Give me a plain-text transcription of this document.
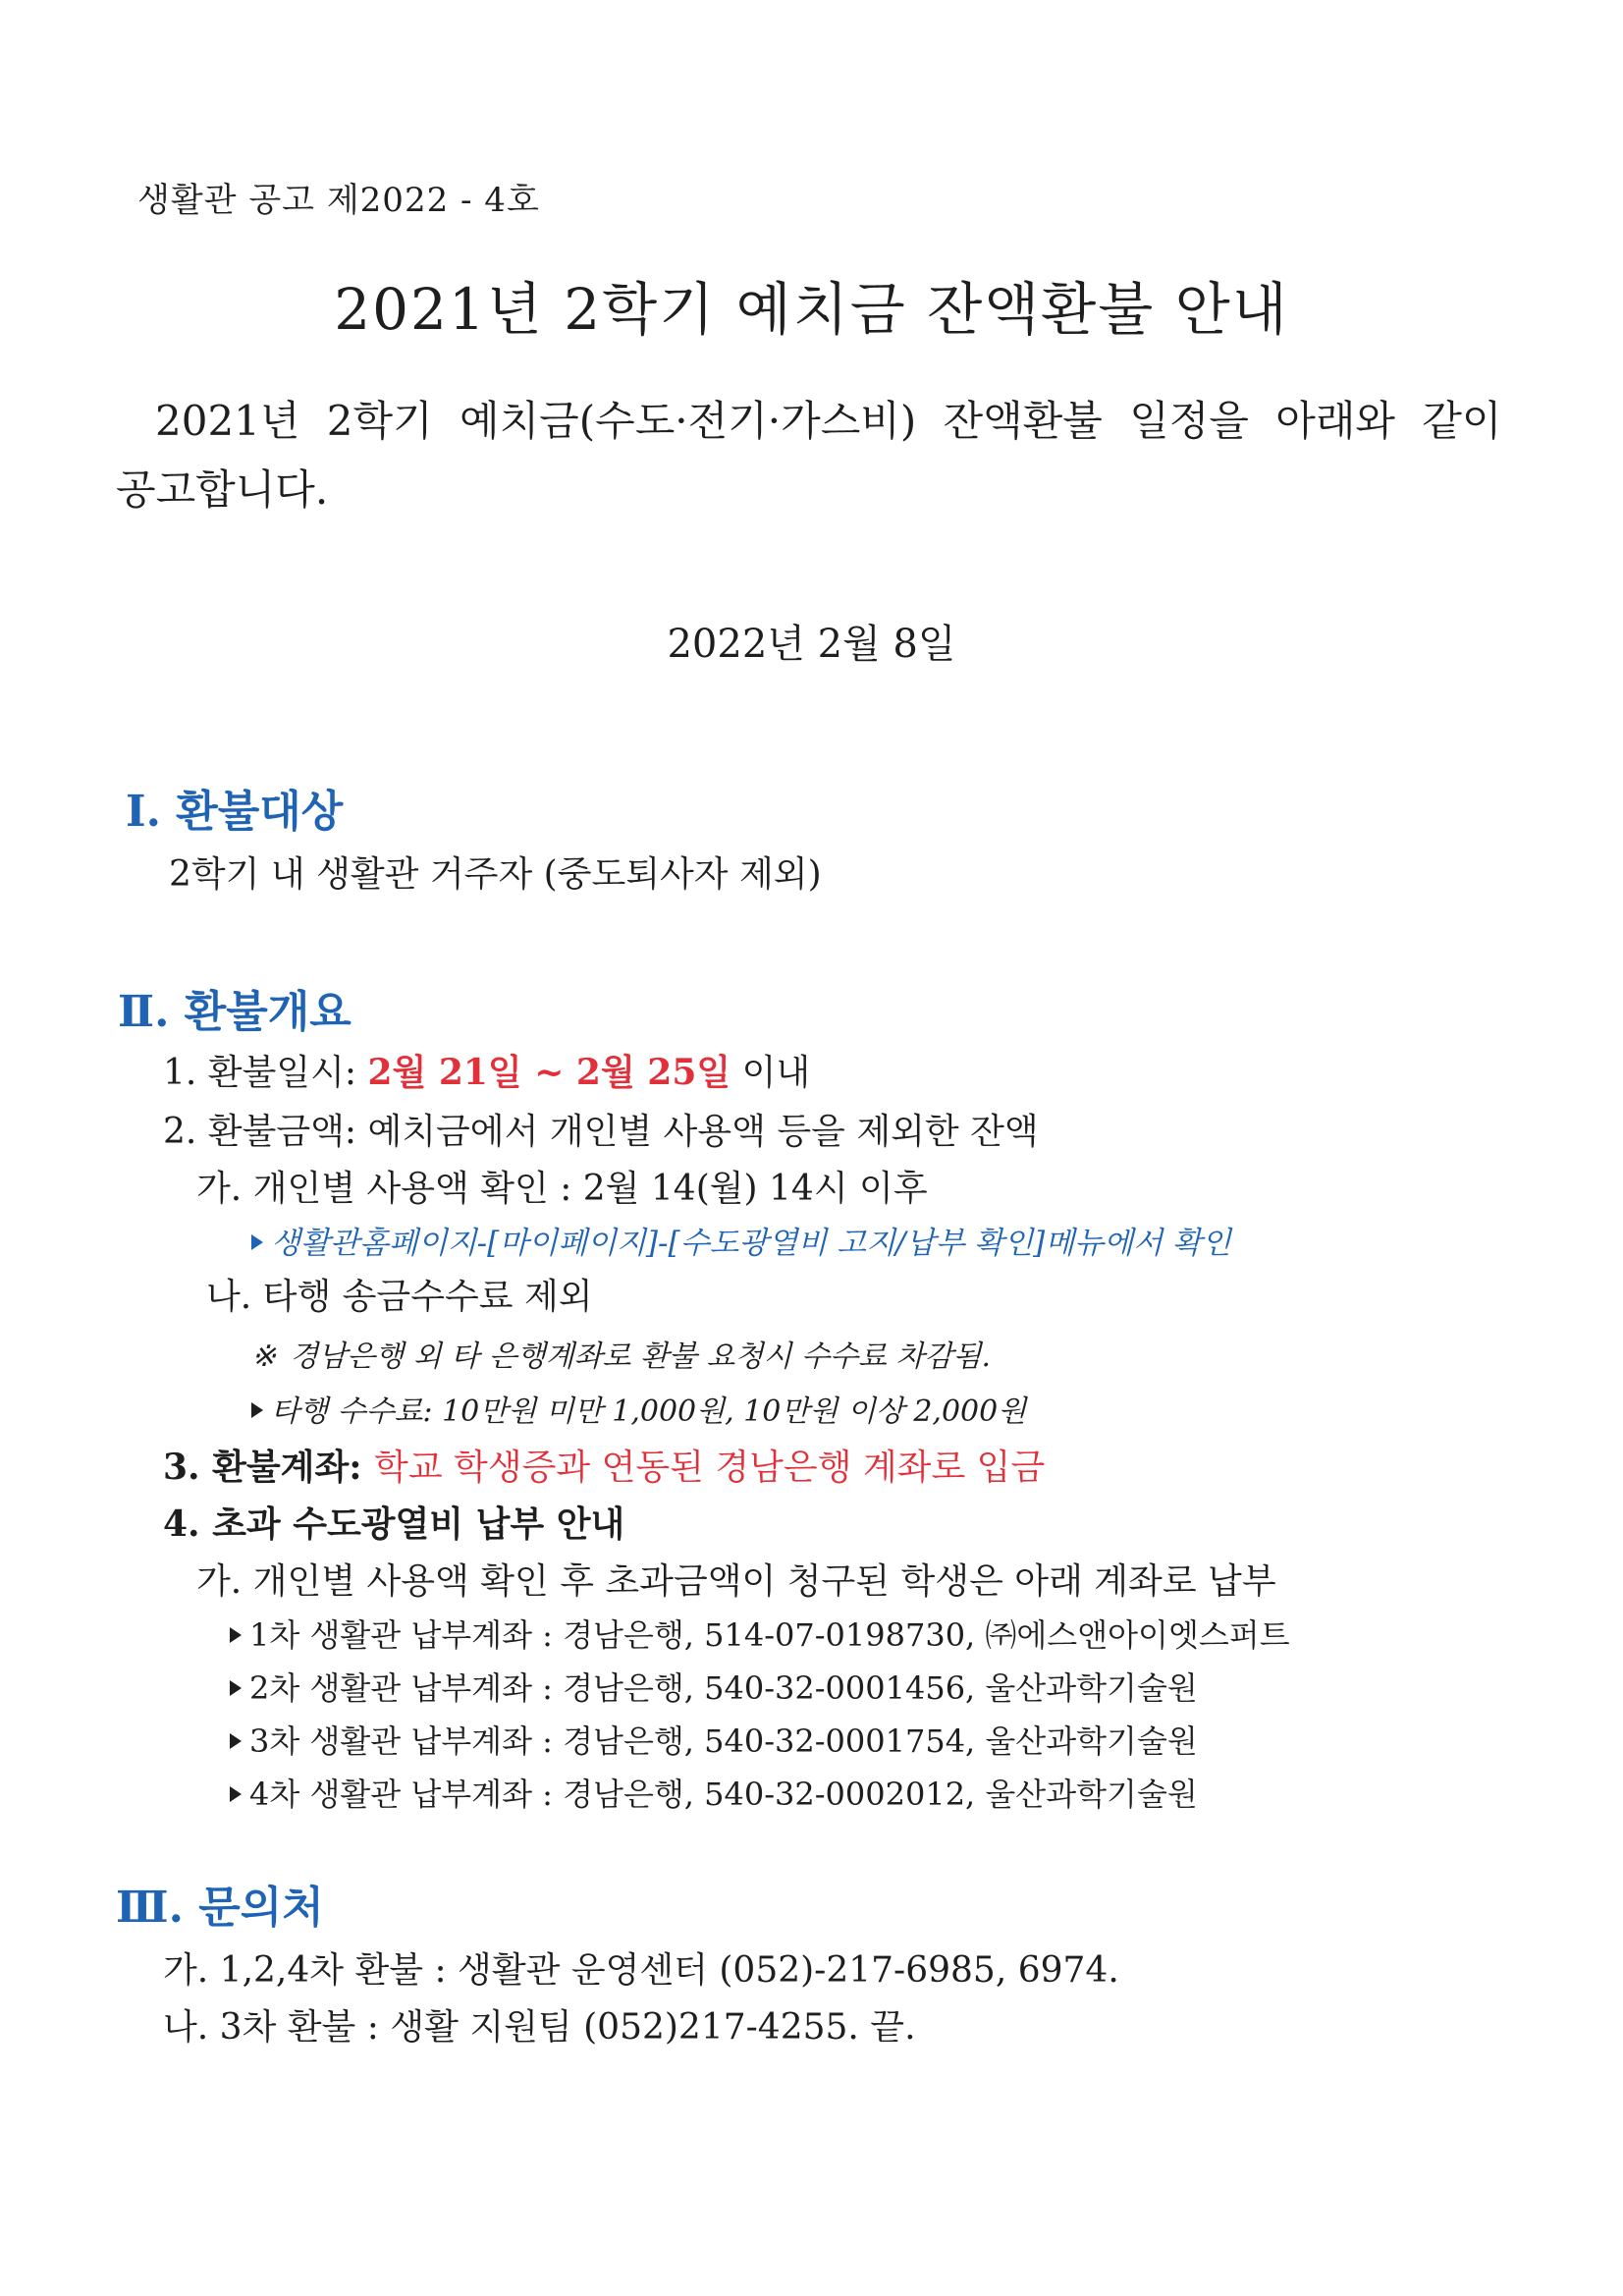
생활관 공고 제2022 - 4호
2021년 2학기 예치금 잔액환불 안내
2021년 2학기 예치금(수도·전기·가스비) 잔액환불 일정을 아래와 같이
공고합니다.
2022년 2월 8일
Ⅰ. 환불대상
2학기 내 생활관 거주자 (중도퇴사자 제외)
Ⅱ. 환불개요
1. 환불일시: 2월 21일 ~ 2월 25일 이내
2. 환불금액: 예치금에서 개인별 사용액 등을 제외한 잔액
가. 개인별 사용액 확인 : 2월 14(월) 14시 이후
생활관홈페이지-[마이페이지]-[수도광열비 고지/납부 확인]메뉴에서 확인
나. 타행 송금수수료 제외
※ 경남은행 외 타 은행계좌로 환불 요청시 수수료 차감됨.
타행 수수료: 10만원 미만 1,000원, 10만원 이상 2,000원
3. 환불계좌: 학교 학생증과 연동된 경남은행 계좌로 입금
4. 초과 수도광열비 납부 안내
가. 개인별 사용액 확인 후 초과금액이 청구된 학생은 아래 계좌로 납부
1차 생활관 납부계좌 : 경남은행, 514-07-0198730, ㈜에스앤아이엣스퍼트
2차 생활관 납부계좌 : 경남은행, 540-32-0001456, 울산과학기술원
3차 생활관 납부계좌 : 경남은행, 540-32-0001754, 울산과학기술원
4차 생활관 납부계좌 : 경남은행, 540-32-0002012, 울산과학기술원
Ⅲ. 문의처
가. 1,2,4차 환불 : 생활관 운영센터 (052)-217-6985, 6974.
나. 3차 환불 : 생활 지원팀 (052)217-4255. 끝.
